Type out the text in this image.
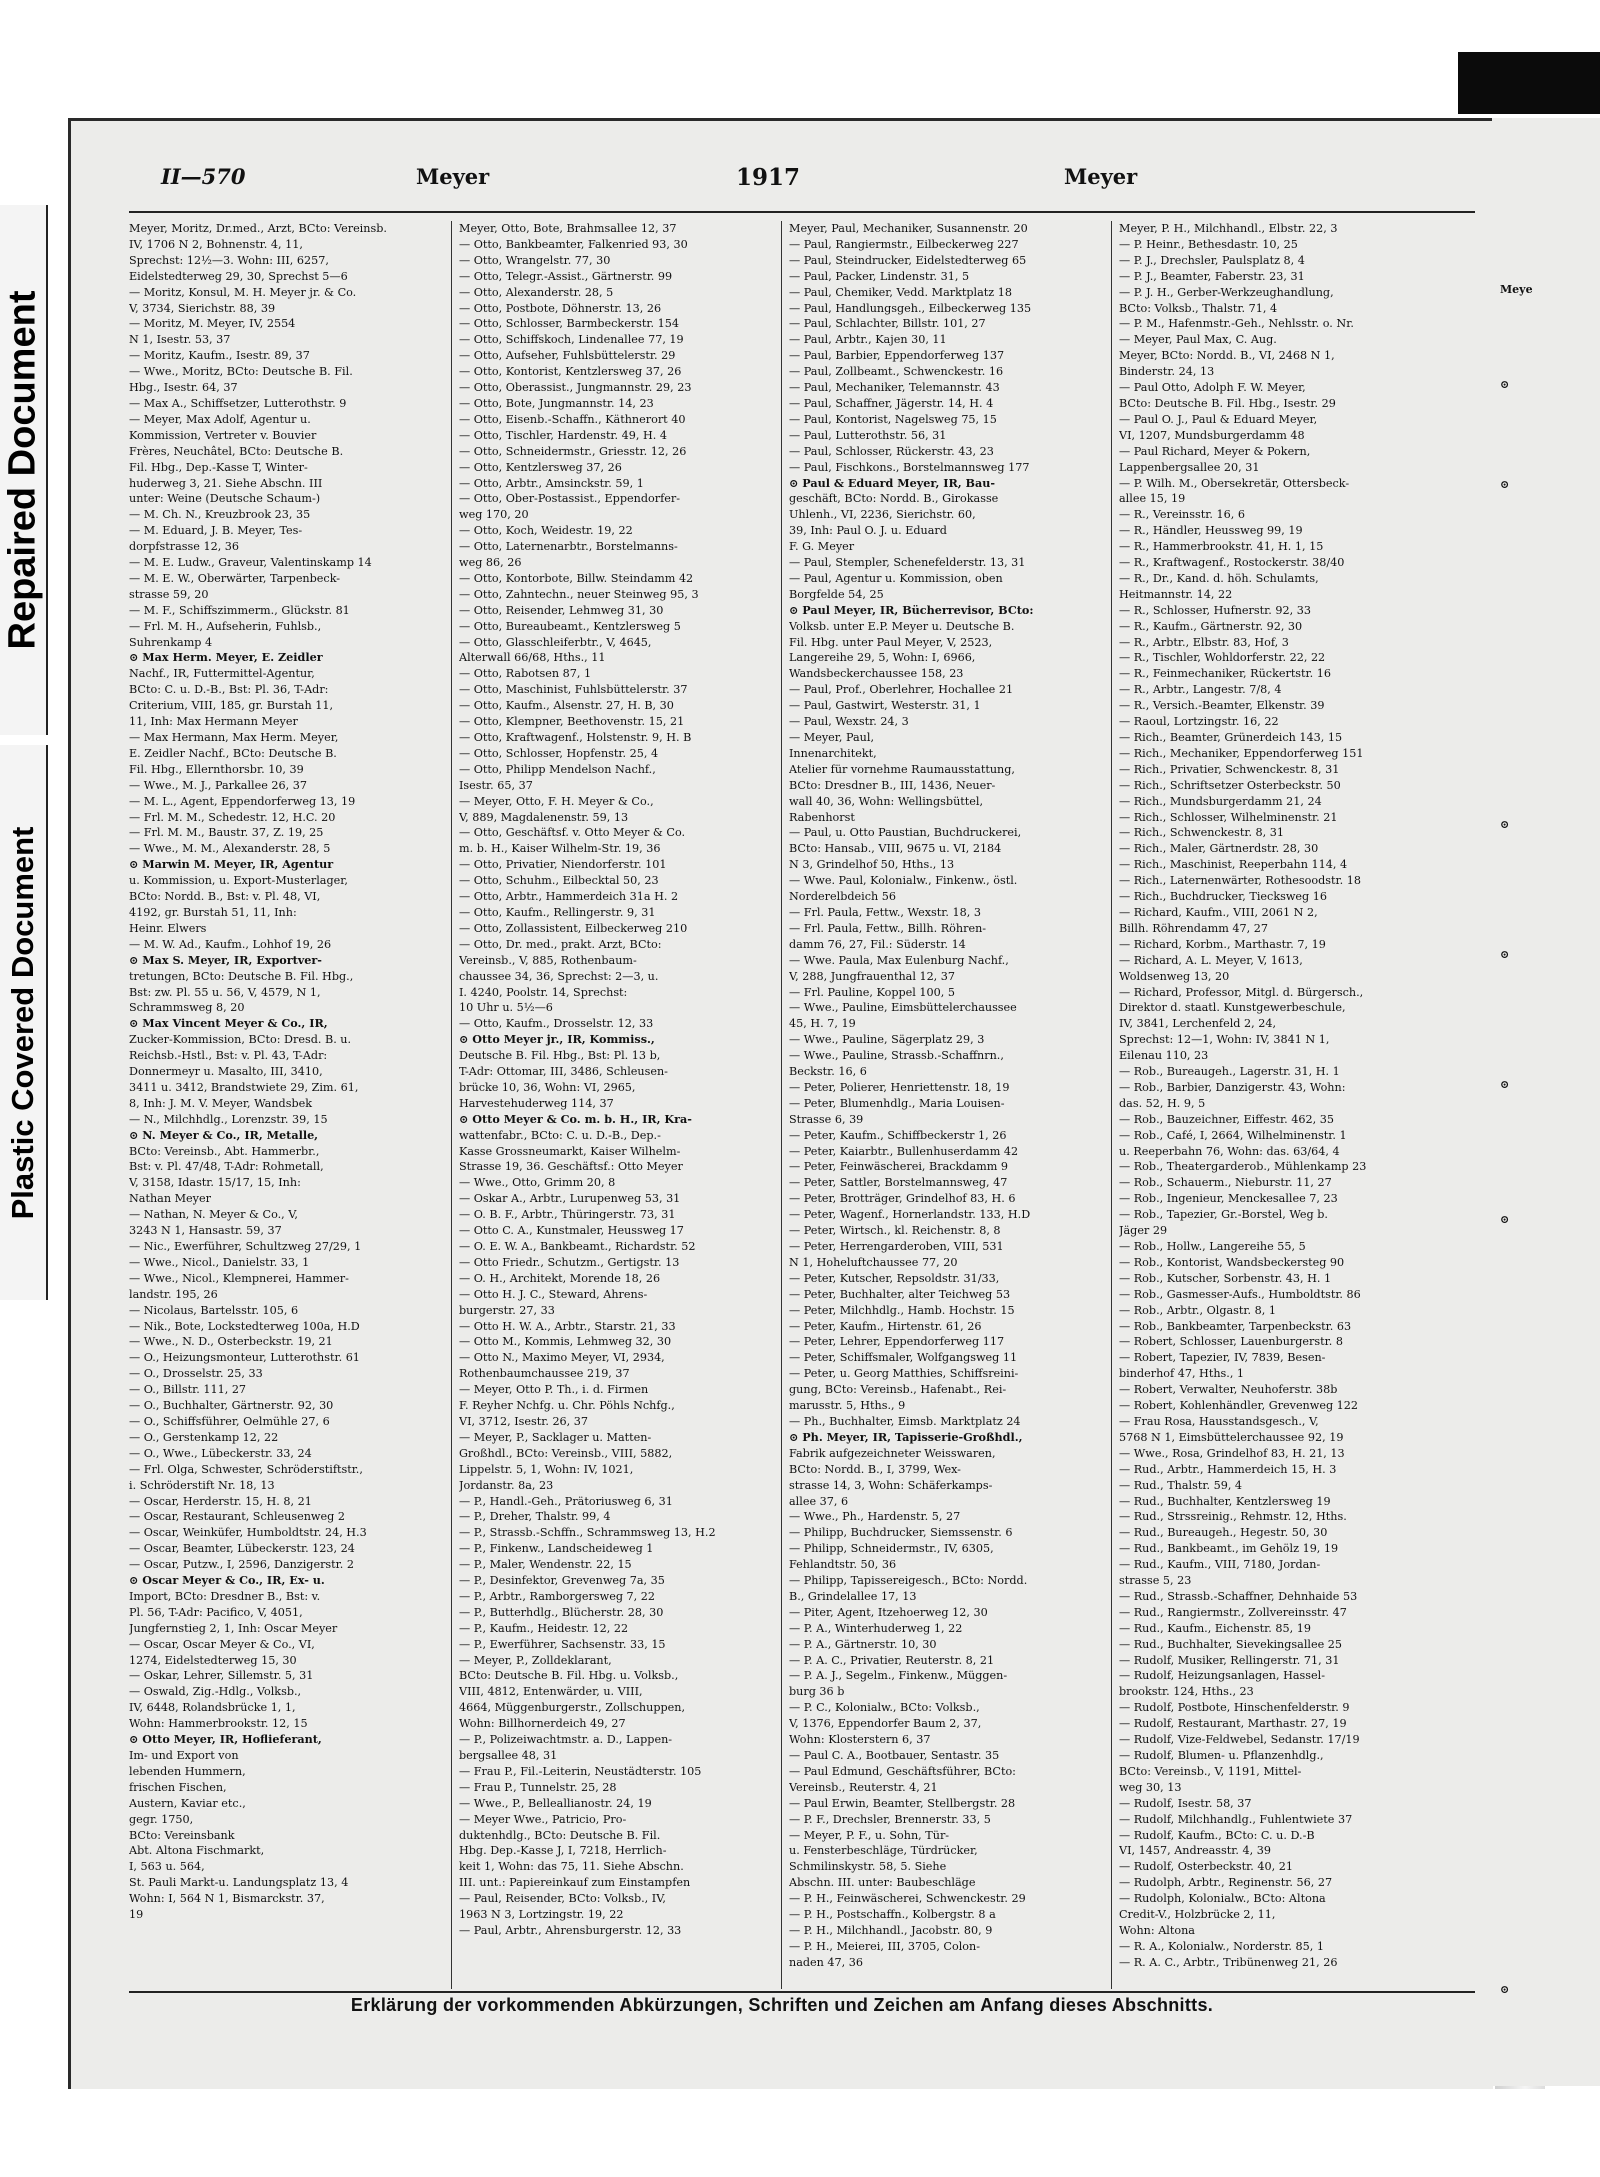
Repaired Document
Plastic Covered Document
II—570	Meyer	1917	Meyer
Meyer, Moritz, Dr.med., Arzt, BCto: Vereinsb.
IV, 1706 N 2, Bohnenstr. 4, 11,
Sprechst: 12½—3. Wohn: III, 6257,
Eidelstedterweg 29, 30, Sprechst 5—6
— Moritz, Konsul, M. H. Meyer jr. & Co.
V, 3734, Sierichstr. 88, 39
— Moritz, M. Meyer, IV, 2554
N 1, Isestr. 53, 37
— Moritz, Kaufm., Isestr. 89, 37
— Wwe., Moritz, BCto: Deutsche B. Fil.
Hbg., Isestr. 64, 37
— Max A., Schiffsetzer, Lutterothstr. 9
— Meyer, Max Adolf, Agentur u.
Kommission, Vertreter v. Bouvier
Frères, Neuchâtel, BCto: Deutsche B.
Fil. Hbg., Dep.-Kasse T, Winter-
huderweg 3, 21. Siehe Abschn. III
unter: Weine (Deutsche Schaum-)
— M. Ch. N., Kreuzbrook 23, 35
— M. Eduard, J. B. Meyer, Tes-
dorpfstrasse 12, 36
— M. E. Ludw., Graveur, Valentinskamp 14
— M. E. W., Oberwärter, Tarpenbeck-
strasse 59, 20
— M. F., Schiffszimmerm., Glückstr. 81
— Frl. M. H., Aufseherin, Fuhlsb.,
Suhrenkamp 4
⊙ Max Herm. Meyer, E. Zeidler
Nachf., IR, Futtermittel-Agentur,
BCto: C. u. D.-B., Bst: Pl. 36, T-Adr:
Criterium, VIII, 185, gr. Burstah 11,
11, Inh: Max Hermann Meyer
— Max Hermann, Max Herm. Meyer,
E. Zeidler Nachf., BCto: Deutsche B.
Fil. Hbg., Ellernthorsbr. 10, 39
— Wwe., M. J., Parkallee 26, 37
— M. L., Agent, Eppendorferweg 13, 19
— Frl. M. M., Schedestr. 12, H.C. 20
— Frl. M. M., Baustr. 37, Z. 19, 25
— Wwe., M. M., Alexanderstr. 28, 5
⊙ Marwin M. Meyer, IR, Agentur
u. Kommission, u. Export-Musterlager,
BCto: Nordd. B., Bst: v. Pl. 48, VI,
4192, gr. Burstah 51, 11, Inh:
Heinr. Elwers
— M. W. Ad., Kaufm., Lohhof 19, 26
⊙ Max S. Meyer, IR, Exportver-
tretungen, BCto: Deutsche B. Fil. Hbg.,
Bst: zw. Pl. 55 u. 56, V, 4579, N 1,
Schrammsweg 8, 20
⊙ Max Vincent Meyer & Co., IR,
Zucker-Kommission, BCto: Dresd. B. u.
Reichsb.-Hstl., Bst: v. Pl. 43, T-Adr:
Donnermeyr u. Masalto, III, 3410,
3411 u. 3412, Brandstwiete 29, Zim. 61,
8, Inh: J. M. V. Meyer, Wandsbek
— N., Milchhdlg., Lorenzstr. 39, 15
⊙ N. Meyer & Co., IR, Metalle,
BCto: Vereinsb., Abt. Hammerbr.,
Bst: v. Pl. 47/48, T-Adr: Rohmetall,
V, 3158, Idastr. 15/17, 15, Inh:
Nathan Meyer
— Nathan, N. Meyer & Co., V,
3243 N 1, Hansastr. 59, 37
— Nic., Ewerführer, Schultzweg 27/29, 1
— Wwe., Nicol., Danielstr. 33, 1
— Wwe., Nicol., Klempnerei, Hammer-
landstr. 195, 26
— Nicolaus, Bartelsstr. 105, 6
— Nik., Bote, Lockstedterweg 100a, H.D
— Wwe., N. D., Osterbeckstr. 19, 21
— O., Heizungsmonteur, Lutterothstr. 61
— O., Drosselstr. 25, 33
— O., Billstr. 111, 27
— O., Buchhalter, Gärtnerstr. 92, 30
— O., Schiffsführer, Oelmühle 27, 6
— O., Gerstenkamp 12, 22
— O., Wwe., Lübeckerstr. 33, 24
— Frl. Olga, Schwester, Schröderstiftstr.,
i. Schröderstift Nr. 18, 13
— Oscar, Herderstr. 15, H. 8, 21
— Oscar, Restaurant, Schleusenweg 2
— Oscar, Weinküfer, Humboldtstr. 24, H.3
— Oscar, Beamter, Lübeckerstr. 123, 24
— Oscar, Putzw., I, 2596, Danzigerstr. 2
⊙ Oscar Meyer & Co., IR, Ex- u.
Import, BCto: Dresdner B., Bst: v.
Pl. 56, T-Adr: Pacifico, V, 4051,
Jungfernstieg 2, 1, Inh: Oscar Meyer
— Oscar, Oscar Meyer & Co., VI,
1274, Eidelstedterweg 15, 30
— Oskar, Lehrer, Sillemstr. 5, 31
— Oswald, Zig.-Hdlg., Volksb.,
IV, 6448, Rolandsbrücke 1, 1,
Wohn: Hammerbrookstr. 12, 15
⊙ Otto Meyer, IR, Hoflieferant,
Im- und Export von
lebenden Hummern,
frischen Fischen,
Austern, Kaviar etc.,
gegr. 1750,
BCto: Vereinsbank
Abt. Altona Fischmarkt,
I, 563 u. 564,
St. Pauli Markt-u. Landungsplatz 13, 4
Wohn: I, 564 N 1, Bismarckstr. 37,
19
Meyer, Otto, Bote, Brahmsallee 12, 37
— Otto, Bankbeamter, Falkenried 93, 30
— Otto, Wrangelstr. 77, 30
— Otto, Telegr.-Assist., Gärtnerstr. 99
— Otto, Alexanderstr. 28, 5
— Otto, Postbote, Döhnerstr. 13, 26
— Otto, Schlosser, Barmbeckerstr. 154
— Otto, Schiffskoch, Lindenallee 77, 19
— Otto, Aufseher, Fuhlsbüttelerstr. 29
— Otto, Kontorist, Kentzlersweg 37, 26
— Otto, Oberassist., Jungmannstr. 29, 23
— Otto, Bote, Jungmannstr. 14, 23
— Otto, Eisenb.-Schaffn., Käthnerort 40
— Otto, Tischler, Hardenstr. 49, H. 4
— Otto, Schneidermstr., Griesstr. 12, 26
— Otto, Kentzlersweg 37, 26
— Otto, Arbtr., Amsinckstr. 59, 1
— Otto, Ober-Postassist., Eppendorfer-
weg 170, 20
— Otto, Koch, Weidestr. 19, 22
— Otto, Laternenarbtr., Borstelmanns-
weg 86, 26
— Otto, Kontorbote, Billw. Steindamm 42
— Otto, Zahntechn., neuer Steinweg 95, 3
— Otto, Reisender, Lehmweg 31, 30
— Otto, Bureaubeamt., Kentzlersweg 5
— Otto, Glasschleiferbtr., V, 4645,
Alterwall 66/68, Hths., 11
— Otto, Rabotsen 87, 1
— Otto, Maschinist, Fuhlsbüttelerstr. 37
— Otto, Kaufm., Alsenstr. 27, H. B, 30
— Otto, Klempner, Beethovenstr. 15, 21
— Otto, Kraftwagenf., Holstenstr. 9, H. B
— Otto, Schlosser, Hopfenstr. 25, 4
— Otto, Philipp Mendelson Nachf.,
Isestr. 65, 37
— Meyer, Otto, F. H. Meyer & Co.,
V, 889, Magdalenenstr. 59, 13
— Otto, Geschäftsf. v. Otto Meyer & Co.
m. b. H., Kaiser Wilhelm-Str. 19, 36
— Otto, Privatier, Niendorferstr. 101
— Otto, Schuhm., Eilbecktal 50, 23
— Otto, Arbtr., Hammerdeich 31a H. 2
— Otto, Kaufm., Rellingerstr. 9, 31
— Otto, Zollassistent, Eilbeckerweg 210
— Otto, Dr. med., prakt. Arzt, BCto:
Vereinsb., V, 885, Rothenbaum-
chaussee 34, 36, Sprechst: 2—3, u.
I. 4240, Poolstr. 14, Sprechst:
10 Uhr u. 5½—6
— Otto, Kaufm., Drosselstr. 12, 33
⊙ Otto Meyer jr., IR, Kommiss.,
Deutsche B. Fil. Hbg., Bst: Pl. 13 b,
T-Adr: Ottomar, III, 3486, Schleusen-
brücke 10, 36, Wohn: VI, 2965,
Harvestehuderweg 114, 37
⊙ Otto Meyer & Co. m. b. H., IR, Kra-
wattenfabr., BCto: C. u. D.-B., Dep.-
Kasse Grossneumarkt, Kaiser Wilhelm-
Strasse 19, 36. Geschäftsf.: Otto Meyer
— Wwe., Otto, Grimm 20, 8
— Oskar A., Arbtr., Lurupenweg 53, 31
— O. B. F., Arbtr., Thüringerstr. 73, 31
— Otto C. A., Kunstmaler, Heussweg 17
— O. E. W. A., Bankbeamt., Richardstr. 52
— Otto Friedr., Schutzm., Gertigstr. 13
— O. H., Architekt, Morende 18, 26
— Otto H. J. C., Steward, Ahrens-
burgerstr. 27, 33
— Otto H. W. A., Arbtr., Starstr. 21, 33
— Otto M., Kommis, Lehmweg 32, 30
— Otto N., Maximo Meyer, VI, 2934,
Rothenbaumchaussee 219, 37
— Meyer, Otto P. Th., i. d. Firmen
F. Reyher Nchfg. u. Chr. Pöhls Nchfg.,
VI, 3712, Isestr. 26, 37
— Meyer, P., Sacklager u. Matten-
Großhdl., BCto: Vereinsb., VIII, 5882,
Lippelstr. 5, 1, Wohn: IV, 1021,
Jordanstr. 8a, 23
— P., Handl.-Geh., Prätoriusweg 6, 31
— P., Dreher, Thalstr. 99, 4
— P., Strassb.-Schffn., Schrammsweg 13, H.2
— P., Finkenw., Landscheideweg 1
— P., Maler, Wendenstr. 22, 15
— P., Desinfektor, Grevenweg 7a, 35
— P., Arbtr., Ramborgersweg 7, 22
— P., Butterhdlg., Blücherstr. 28, 30
— P., Kaufm., Heidestr. 12, 22
— P., Ewerführer, Sachsenstr. 33, 15
— Meyer, P., Zolldeklarant,
BCto: Deutsche B. Fil. Hbg. u. Volksb.,
VIII, 4812, Entenwärder, u. VIII,
4664, Müggenburgerstr., Zollschuppen,
Wohn: Billhornerdeich 49, 27
— P., Polizeiwachtmstr. a. D., Lappen-
bergsallee 48, 31
— Frau P., Fil.-Leiterin, Neustädterstr. 105
— Frau P., Tunnelstr. 25, 28
— Wwe., P., Belleallianostr. 24, 19
— Meyer Wwe., Patricio, Pro-
duktenhdlg., BCto: Deutsche B. Fil.
Hbg. Dep.-Kasse J, I, 7218, Herrlich-
keit 1, Wohn: das 75, 11. Siehe Abschn.
III. unt.: Papiereinkauf zum Einstampfen
— Paul, Reisender, BCto: Volksb., IV,
1963 N 3, Lortzingstr. 19, 22
— Paul, Arbtr., Ahrensburgerstr. 12, 33
Meyer, Paul, Mechaniker, Susannenstr. 20
— Paul, Rangiermstr., Eilbeckerweg 227
— Paul, Steindrucker, Eidelstedterweg 65
— Paul, Packer, Lindenstr. 31, 5
— Paul, Chemiker, Vedd. Marktplatz 18
— Paul, Handlungsgeh., Eilbeckerweg 135
— Paul, Schlachter, Billstr. 101, 27
— Paul, Arbtr., Kajen 30, 11
— Paul, Barbier, Eppendorferweg 137
— Paul, Zollbeamt., Schwenckestr. 16
— Paul, Mechaniker, Telemannstr. 43
— Paul, Schaffner, Jägerstr. 14, H. 4
— Paul, Kontorist, Nagelsweg 75, 15
— Paul, Lutterothstr. 56, 31
— Paul, Schlosser, Rückerstr. 43, 23
— Paul, Fischkons., Borstelmannsweg 177
⊙ Paul & Eduard Meyer, IR, Bau-
geschäft, BCto: Nordd. B., Girokasse
Uhlenh., VI, 2236, Sierichstr. 60,
39, Inh: Paul O. J. u. Eduard
F. G. Meyer
— Paul, Stempler, Schenefelderstr. 13, 31
— Paul, Agentur u. Kommission, oben
Borgfelde 54, 25
⊙ Paul Meyer, IR, Bücherrevisor, BCto:
Volksb. unter E.P. Meyer u. Deutsche B.
Fil. Hbg. unter Paul Meyer, V, 2523,
Langereihe 29, 5, Wohn: I, 6966,
Wandsbeckerchaussee 158, 23
— Paul, Prof., Oberlehrer, Hochallee 21
— Paul, Gastwirt, Westerstr. 31, 1
— Paul, Wexstr. 24, 3
— Meyer, Paul,
Innenarchitekt,
Atelier für vornehme Raumausstattung,
BCto: Dresdner B., III, 1436, Neuer-
wall 40, 36, Wohn: Wellingsbüttel,
Rabenhorst
— Paul, u. Otto Paustian, Buchdruckerei,
BCto: Hansab., VIII, 9675 u. VI, 2184
N 3, Grindelhof 50, Hths., 13
— Wwe. Paul, Kolonialw., Finkenw., östl.
Norderelbdeich 56
— Frl. Paula, Fettw., Wexstr. 18, 3
— Frl. Paula, Fettw., Billh. Röhren-
damm 76, 27, Fil.: Süderstr. 14
— Wwe. Paula, Max Eulenburg Nachf.,
V, 288, Jungfrauenthal 12, 37
— Frl. Pauline, Koppel 100, 5
— Wwe., Pauline, Eimsbüttelerchaussee
45, H. 7, 19
— Wwe., Pauline, Sägerplatz 29, 3
— Wwe., Pauline, Strassb.-Schaffnrn.,
Beckstr. 16, 6
— Peter, Polierer, Henriettenstr. 18, 19
— Peter, Blumenhdlg., Maria Louisen-
Strasse 6, 39
— Peter, Kaufm., Schiffbeckerstr 1, 26
— Peter, Kaiarbtr., Bullenhuserdamm 42
— Peter, Feinwäscherei, Brackdamm 9
— Peter, Sattler, Borstelmannsweg, 47
— Peter, Brotträger, Grindelhof 83, H. 6
— Peter, Wagenf., Hornerlandstr. 133, H.D
— Peter, Wirtsch., kl. Reichenstr. 8, 8
— Peter, Herrengarderoben, VIII, 531
N 1, Hoheluftchaussee 77, 20
— Peter, Kutscher, Repsoldstr. 31/33,
— Peter, Buchhalter, alter Teichweg 53
— Peter, Milchhdlg., Hamb. Hochstr. 15
— Peter, Kaufm., Hirtenstr. 61, 26
— Peter, Lehrer, Eppendorferweg 117
— Peter, Schiffsmaler, Wolfgangsweg 11
— Peter, u. Georg Matthies, Schiffsreini-
gung, BCto: Vereinsb., Hafenabt., Rei-
marusstr. 5, Hths., 9
— Ph., Buchhalter, Eimsb. Marktplatz 24
⊙ Ph. Meyer, IR, Tapisserie-Großhdl.,
Fabrik aufgezeichneter Weisswaren,
BCto: Nordd. B., I, 3799, Wex-
strasse 14, 3, Wohn: Schäferkamps-
allee 37, 6
— Wwe., Ph., Hardenstr. 5, 27
— Philipp, Buchdrucker, Siemssenstr. 6
— Philipp, Schneidermstr., IV, 6305,
Fehlandtstr. 50, 36
— Philipp, Tapissereigesch., BCto: Nordd.
B., Grindelallee 17, 13
— Piter, Agent, Itzehoerweg 12, 30
— P. A., Winterhuderweg 1, 22
— P. A., Gärtnerstr. 10, 30
— P. A. C., Privatier, Reuterstr. 8, 21
— P. A. J., Segelm., Finkenw., Müggen-
burg 36 b
— P. C., Kolonialw., BCto: Volksb.,
V, 1376, Eppendorfer Baum 2, 37,
Wohn: Klosterstern 6, 37
— Paul C. A., Bootbauer, Sentastr. 35
— Paul Edmund, Geschäftsführer, BCto:
Vereinsb., Reuterstr. 4, 21
— Paul Erwin, Beamter, Stellbergstr. 28
— P. F., Drechsler, Brennerstr. 33, 5
— Meyer, P. F., u. Sohn, Tür-
u. Fensterbeschläge, Türdrücker,
Schmilinskystr. 58, 5. Siehe
Abschn. III. unter: Baubeschläge
— P. H., Feinwäscherei, Schwenckestr. 29
— P. H., Postschaffn., Kolbergstr. 8 a
— P. H., Milchhandl., Jacobstr. 80, 9
— P. H., Meierei, III, 3705, Colon-
naden 47, 36
Meyer, P. H., Milchhandl., Elbstr. 22, 3
— P. Heinr., Bethesdastr. 10, 25
— P. J., Drechsler, Paulsplatz 8, 4
— P. J., Beamter, Faberstr. 23, 31
— P. J. H., Gerber-Werkzeughandlung,
BCto: Volksb., Thalstr. 71, 4
— P. M., Hafenmstr.-Geh., Nehlsstr. o. Nr.
— Meyer, Paul Max, C. Aug.
Meyer, BCto: Nordd. B., VI, 2468 N 1,
Binderstr. 24, 13
— Paul Otto, Adolph F. W. Meyer,
BCto: Deutsche B. Fil. Hbg., Isestr. 29
— Paul O. J., Paul & Eduard Meyer,
VI, 1207, Mundsburgerdamm 48
— Paul Richard, Meyer & Pokern,
Lappenbergsallee 20, 31
— P. Wilh. M., Obersekretär, Ottersbeck-
allee 15, 19
— R., Vereinsstr. 16, 6
— R., Händler, Heussweg 99, 19
— R., Hammerbrookstr. 41, H. 1, 15
— R., Kraftwagenf., Rostockerstr. 38/40
— R., Dr., Kand. d. höh. Schulamts,
Heitmannstr. 14, 22
— R., Schlosser, Hufnerstr. 92, 33
— R., Kaufm., Gärtnerstr. 92, 30
— R., Arbtr., Elbstr. 83, Hof, 3
— R., Tischler, Wohldorferstr. 22, 22
— R., Feinmechaniker, Rückertstr. 16
— R., Arbtr., Langestr. 7/8, 4
— R., Versich.-Beamter, Elkenstr. 39
— Raoul, Lortzingstr. 16, 22
— Rich., Beamter, Grünerdeich 143, 15
— Rich., Mechaniker, Eppendorferweg 151
— Rich., Privatier, Schwenckestr. 8, 31
— Rich., Schriftsetzer Osterbeckstr. 50
— Rich., Mundsburgerdamm 21, 24
— Rich., Schlosser, Wilhelminenstr. 21
— Rich., Schwenckestr. 8, 31
— Rich., Maler, Gärtnerdstr. 28, 30
— Rich., Maschinist, Reeperbahn 114, 4
— Rich., Laternenwärter, Rothesoodstr. 18
— Rich., Buchdrucker, Tiecksweg 16
— Richard, Kaufm., VIII, 2061 N 2,
Billh. Röhrendamm 47, 27
— Richard, Korbm., Marthastr. 7, 19
— Richard, A. L. Meyer, V, 1613,
Woldsenweg 13, 20
— Richard, Professor, Mitgl. d. Bürgersch.,
Direktor d. staatl. Kunstgewerbeschule,
IV, 3841, Lerchenfeld 2, 24,
Sprechst: 12—1, Wohn: IV, 3841 N 1,
Eilenau 110, 23
— Rob., Bureaugeh., Lagerstr. 31, H. 1
— Rob., Barbier, Danzigerstr. 43, Wohn:
das. 52, H. 9, 5
— Rob., Bauzeichner, Eiffestr. 462, 35
— Rob., Café, I, 2664, Wilhelminenstr. 1
u. Reeperbahn 76, Wohn: das. 63/64, 4
— Rob., Theatergarderob., Mühlenkamp 23
— Rob., Schauerm., Nieburstr. 11, 27
— Rob., Ingenieur, Menckesallee 7, 23
— Rob., Tapezier, Gr.-Borstel, Weg b.
Jäger 29
— Rob., Hollw., Langereihe 55, 5
— Rob., Kontorist, Wandsbeckersteg 90
— Rob., Kutscher, Sorbenstr. 43, H. 1
— Rob., Gasmesser-Aufs., Humboldtstr. 86
— Rob., Arbtr., Olgastr. 8, 1
— Rob., Bankbeamter, Tarpenbeckstr. 63
— Robert, Schlosser, Lauenburgerstr. 8
— Robert, Tapezier, IV, 7839, Besen-
binderhof 47, Hths., 1
— Robert, Verwalter, Neuhoferstr. 38b
— Robert, Kohlenhändler, Grevenweg 122
— Frau Rosa, Hausstandsgesch., V,
5768 N 1, Eimsbüttelerchaussee 92, 19
— Wwe., Rosa, Grindelhof 83, H. 21, 13
— Rud., Arbtr., Hammerdeich 15, H. 3
— Rud., Thalstr. 59, 4
— Rud., Buchhalter, Kentzlersweg 19
— Rud., Strssreinig., Rehmstr. 12, Hths.
— Rud., Bureaugeh., Hegestr. 50, 30
— Rud., Bankbeamt., im Gehölz 19, 19
— Rud., Kaufm., VIII, 7180, Jordan-
strasse 5, 23
— Rud., Strassb.-Schaffner, Dehnhaide 53
— Rud., Rangiermstr., Zollvereinsstr. 47
— Rud., Kaufm., Eichenstr. 85, 19
— Rud., Buchhalter, Sievekingsallee 25
— Rudolf, Musiker, Rellingerstr. 71, 31
— Rudolf, Heizungsanlagen, Hassel-
brookstr. 124, Hths., 23
— Rudolf, Postbote, Hinschenfelderstr. 9
— Rudolf, Restaurant, Marthastr. 27, 19
— Rudolf, Vize-Feldwebel, Sedanstr. 17/19
— Rudolf, Blumen- u. Pflanzenhdlg.,
BCto: Vereinsb., V, 1191, Mittel-
weg 30, 13
— Rudolf, Isestr. 58, 37
— Rudolf, Milchhandlg., Fuhlentwiete 37
— Rudolf, Kaufm., BCto: C. u. D.-B
VI, 1457, Andreasstr. 4, 39
— Rudolf, Osterbeckstr. 40, 21
— Rudolph, Arbtr., Reginenstr. 56, 27
— Rudolph, Kolonialw., BCto: Altona
Credit-V., Holzbrücke 2, 11,
Wohn: Altona
— R. A., Kolonialw., Norderstr. 85, 1
— R. A. C., Arbtr., Tribünenweg 21, 26
Erklärung der vorkommenden Abkürzungen, Schriften und Zeichen am Anfang dieses Abschnitts.
Meye
⊙
⊙
⊙
⊙
⊙
⊙
⊙
